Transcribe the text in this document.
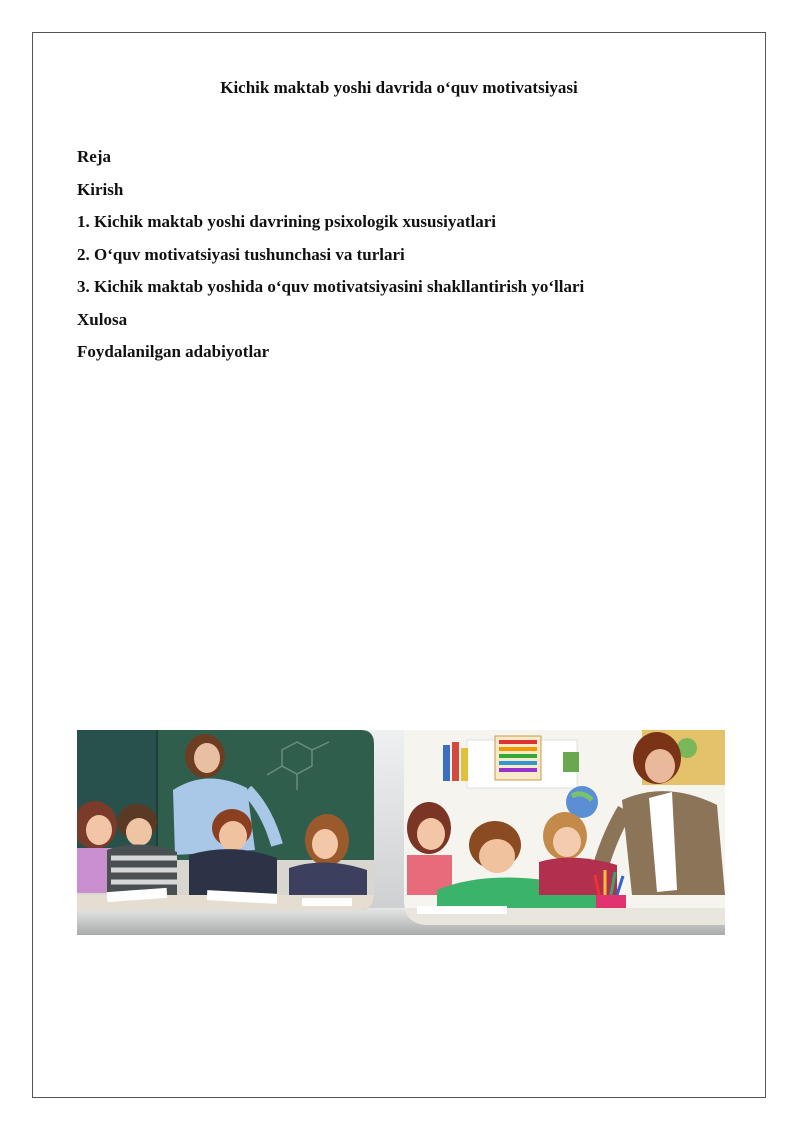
Kichik maktab yoshi davrida o‘quv motivatsiyasi
Reja
Kirish
1. Kichik maktab yoshi davrining psixologik xususiyatlari
2. O‘quv motivatsiyasi tushunchasi va turlari
3. Kichik maktab yoshida o‘quv motivatsiyasini shakllantirish yo‘llari
Xulosa
Foydalanilgan adabiyotlar
